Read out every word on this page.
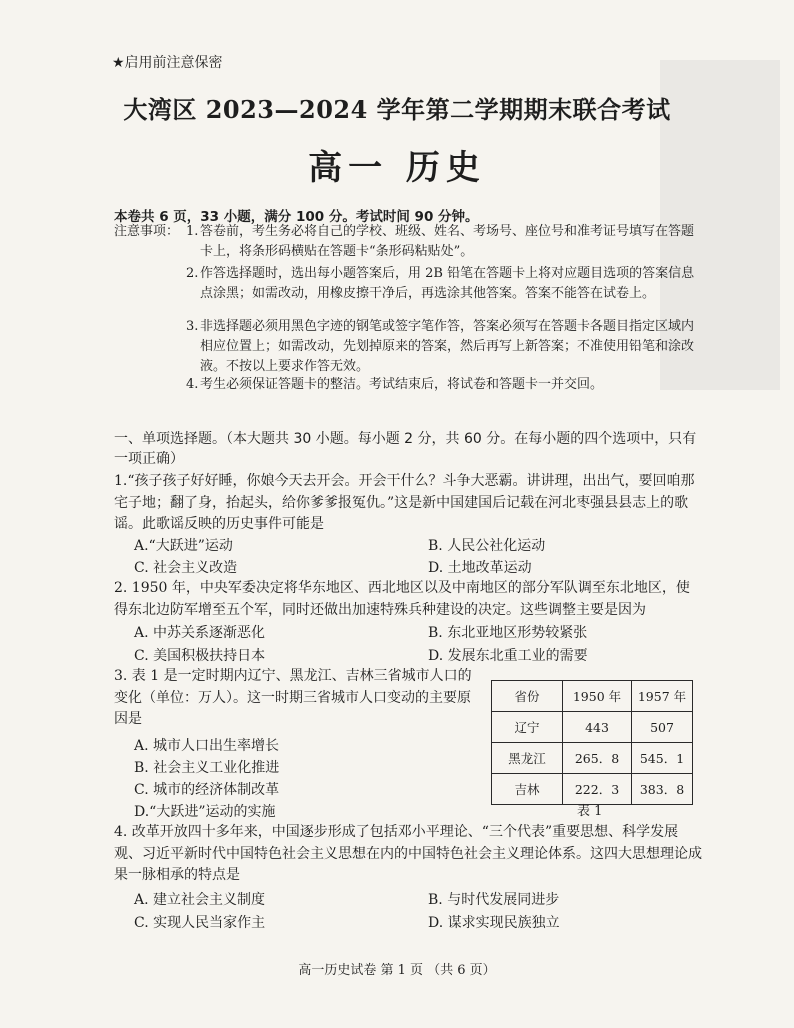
★启用前注意保密
大湾区 2023—2024 学年第二学期期末联合考试
高一 历史
本卷共 6 页，33 小题，满分 100 分。考试时间 90 分钟。
注意事项： 1. 答卷前，考生务必将自己的学校、班级、姓名、考场号、座位号和准考证号填写在答题卡上，将条形码横贴在答题卡“条形码粘贴处”。
2. 作答选择题时，选出每小题答案后，用 2B 铅笔在答题卡上将对应题目选项的答案信息点涂黑；如需改动，用橡皮擦干净后，再选涂其他答案。答案不能答在试卷上。
3. 非选择题必须用黑色字迹的钢笔或签字笔作答，答案必须写在答题卡各题目指定区域内相应位置上；如需改动，先划掉原来的答案，然后再写上新答案；不准使用铅笔和涂改液。不按以上要求作答无效。
4. 考生必须保证答题卡的整洁。考试结束后，将试卷和答题卡一并交回。
一、单项选择题。（本大题共 30 小题。每小题 2 分，共 60 分。在每小题的四个选项中，只有一项正确）
1.“孩子孩子好好睡，你娘今天去开会。开会干什么？斗争大恶霸。讲讲理，出出气，要回咱那宅子地；翻了身，抬起头，给你爹爹报冤仇。”这是新中国建国后记载在河北枣强县县志上的歌谣。此歌谣反映的历史事件可能是
A.“大跃进”运动	B. 人民公社化运动
C. 社会主义改造	D. 土地改革运动
2. 1950 年，中央军委决定将华东地区、西北地区以及中南地区的部分军队调至东北地区，使得东北边防军增至五个军，同时还做出加速特殊兵种建设的决定。这些调整主要是因为
A. 中苏关系逐渐恶化	B. 东北亚地区形势较紧张
C. 美国积极扶持日本	D. 发展东北重工业的需要
3. 表 1 是一定时期内辽宁、黑龙江、吉林三省城市人口的变化（单位：万人）。这一时期三省城市人口变动的主要原因是
A. 城市人口出生率增长
B. 社会主义工业化推进
C. 城市的经济体制改革
D.“大跃进”运动的实施
省份	1950 年	1957 年
辽宁	443	507
黑龙江	265．8	545．1
吉林	222．3	383．8
表 1
4. 改革开放四十多年来，中国逐步形成了包括邓小平理论、“三个代表”重要思想、科学发展观、习近平新时代中国特色社会主义思想在内的中国特色社会主义理论体系。这四大思想理论成果一脉相承的特点是
A. 建立社会主义制度	B. 与时代发展同进步
C. 实现人民当家作主	D. 谋求实现民族独立
高一历史试卷 第 1 页 （共 6 页）
